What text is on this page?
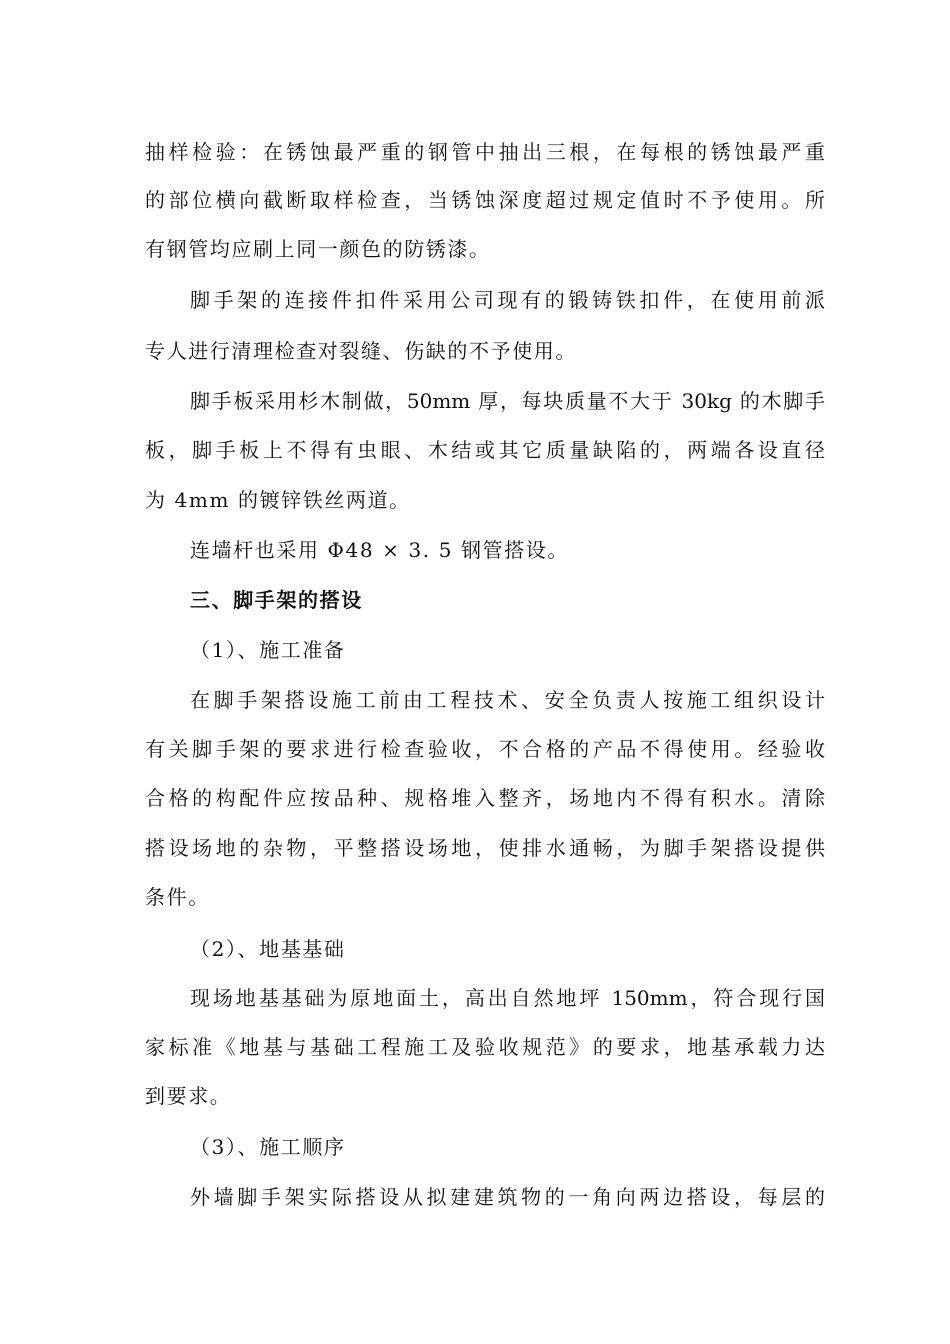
抽样检验：在锈蚀最严重的钢管中抽出三根，在每根的锈蚀最严重
的部位横向截断取样检查，当锈蚀深度超过规定值时不予使用。所
有钢管均应刷上同一颜色的防锈漆。
脚手架的连接件扣件采用公司现有的锻铸铁扣件，在使用前派
专人进行清理检查对裂缝、伤缺的不予使用。
脚手板采用杉木制做，50mm 厚，每块质量不大于 30kg 的木脚手
板，脚手板上不得有虫眼、木结或其它质量缺陷的，两端各设直径
为 4mm 的镀锌铁丝两道。
连墙杆也采用 Φ48 × 3. 5 钢管搭设。
三、脚手架的搭设
（1）、施工准备
在脚手架搭设施工前由工程技术、安全负责人按施工组织设计
有关脚手架的要求进行检查验收，不合格的产品不得使用。经验收
合格的构配件应按品种、规格堆入整齐，场地内不得有积水。清除
搭设场地的杂物，平整搭设场地，使排水通畅，为脚手架搭设提供
条件。
（2）、地基基础
现场地基基础为原地面土，高出自然地坪 150mm，符合现行国
家标准《地基与基础工程施工及验收规范》的要求，地基承载力达
到要求。
（3）、施工顺序
外墙脚手架实际搭设从拟建建筑物的一角向两边搭设，每层的
